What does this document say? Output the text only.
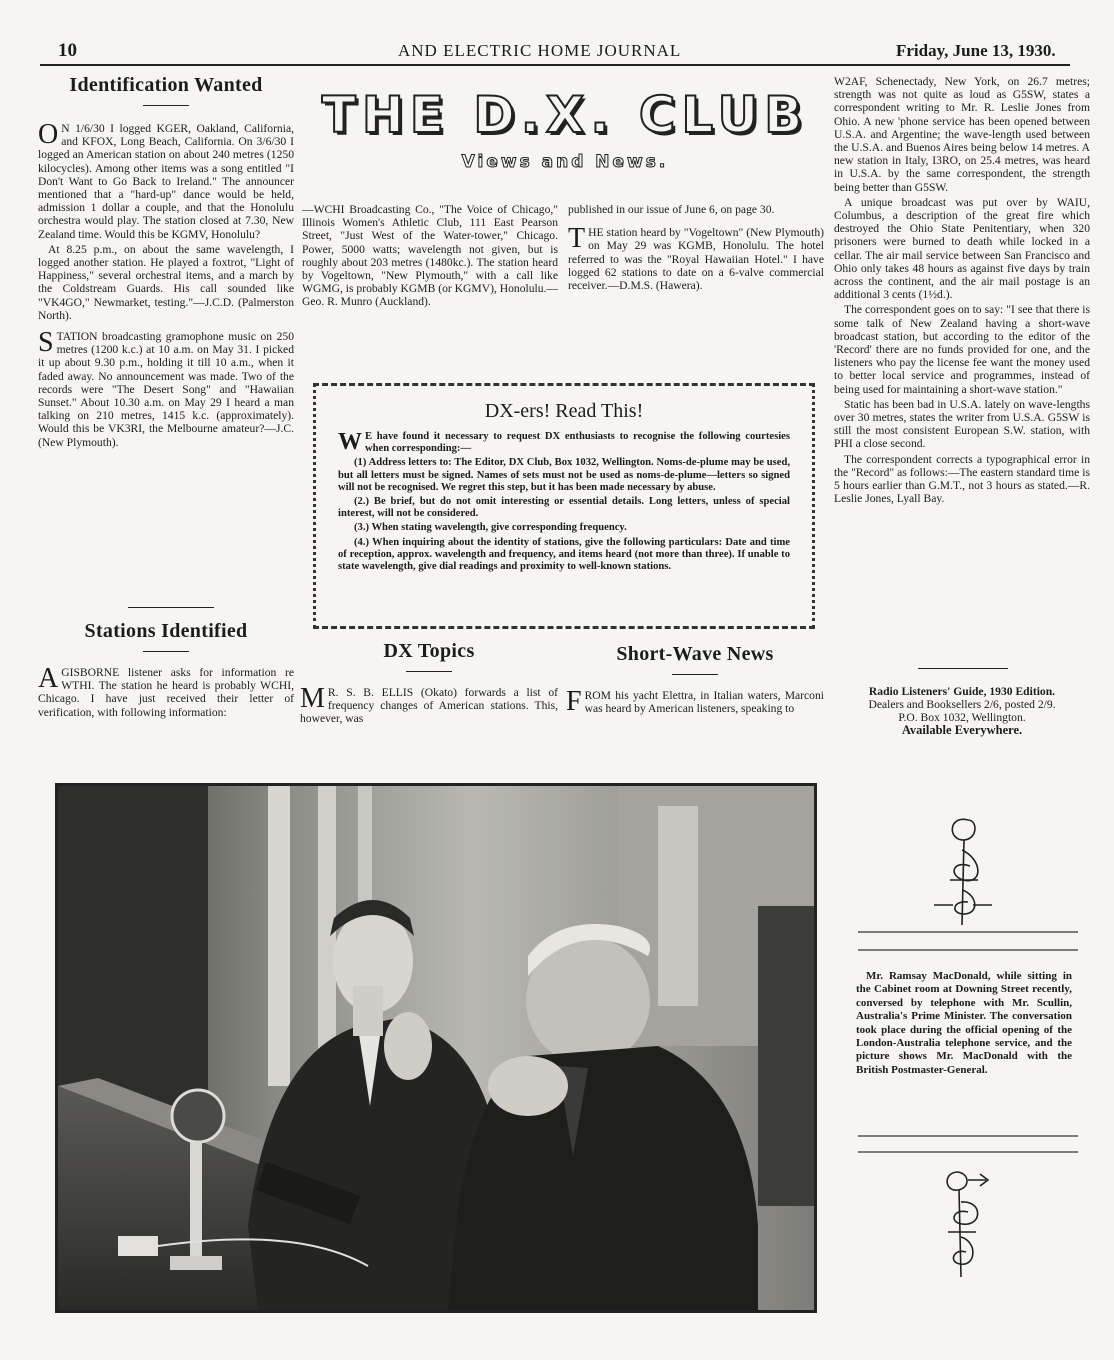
10	AND ELECTRIC HOME JOURNAL	Friday, June 13, 1930.
Identification Wanted

O N 1/6/30 I logged KGER, Oakland, California, and KFOX, Long Beach, California. On 3/6/30 I logged an American station on about 240 metres (1250 kilocycles). Among other items was a song entitled "I Don't Want to Go Back to Ireland." The announcer mentioned that a "hard-up" dance would be held, admission 1 dollar a couple, and that the Honolulu orchestra would play. The station closed at 7.30, New Zealand time. Would this be KGMV, Honolulu?

At 8.25 p.m., on about the same wavelength, I logged another station. He played a foxtrot, "Light of Happiness," several orchestral items, and a march by the Coldstream Guards. His call sounded like "VK4GO," Newmarket, testing."—J.C.D. (Palmerston North).

STATION broadcasting gramophone music on 250 metres (1200 k.c.) at 10 a.m. on May 31. I picked it up about 9.30 p.m., holding it till 10 a.m., when it faded away. No announcement was made. Two of the records were "The Desert Song" and "Hawaiian Sunset." About 10.30 a.m. on May 29 I heard a man talking on 210 metres, 1415 k.c. (approximately). Would this be VK3RI, the Melbourne amateur?—J.C. (New Plymouth).

Stations Identified

AGISBORNE listener asks for information re WTHI. The station he heard is probably WCHI, Chicago. I have just received their letter of verification, with following information:

THE D.X. CLUB
Views and News.

—WCHI Broadcasting Co., "The Voice of Chicago," Illinois Women's Athletic Club, 111 East Pearson Street, "Just West of the Water-tower," Chicago. Power, 5000 watts; wavelength not given, but is roughly about 203 metres (1480kc.). The station heard by Vogeltown, "New Plymouth," with a call like WGMG, is probably KGMB (or KGMV), Honolulu.—Geo. R. Munro (Auckland).

published in our issue of June 6, on page 30.

THE station heard by "Vogeltown" (New Plymouth) on May 29 was KGMB, Honolulu. The hotel referred to was the "Royal Hawaiian Hotel." I have logged 62 stations to date on a 6-valve commercial receiver.—D.M.S. (Hawera).

DX-ers! Read This!

W E have found it necessary to request DX enthusiasts to recognise the following courtesies when corresponding:—

(1) Address letters to: The Editor, DX Club, Box 1032, Wellington. Noms-de-plume may be used, but all letters must be signed. Names of sets must not be used as noms-de-plume—letters so signed will not be recognised. We regret this step, but it has been made necessary by abuse.

(2.) Be brief, but do not omit interesting or essential details. Long letters, unless of special interest, will not be considered.

(3.) When stating wavelength, give corresponding frequency.

(4.) When inquiring about the identity of stations, give the following particulars: Date and time of reception, approx. wavelength and frequency, and items heard (not more than three). If unable to state wavelength, give dial readings and proximity to well-known stations.

DX Topics

M R. S. B. ELLIS (Okato) forwards a list of frequency changes of American stations. This, however, was

Short-Wave News

FROM his yacht Elettra, in Italian waters, Marconi was heard by American listeners, speaking to

W2AF, Schenectady, New York, on 26.7 metres; strength was not quite as loud as G5SW, states a correspondent writing to Mr. R. Leslie Jones from Ohio. A new 'phone service has been opened between U.S.A. and Argentine; the wave-length used between the U.S.A. and Buenos Aires being below 14 metres. A new station in Italy, I3RO, on 25.4 metres, was heard in U.S.A. by the same correspondent, the strength being better than G5SW.

A unique broadcast was put over by WAIU, Columbus, a description of the great fire which destroyed the Ohio State Penitentiary, when 320 prisoners were burned to death while locked in a cellar. The air mail service between San Francisco and Ohio only takes 48 hours as against five days by train across the continent, and the air mail postage is an additional 3 cents (1½d.).

The correspondent goes on to say: "I see that there is some talk of New Zealand having a short-wave broadcast station, but according to the editor of the 'Record' there are no funds provided for one, and the listeners who pay the license fee want the money used to better local service and programmes, instead of being used for maintaining a short-wave station."

Static has been bad in U.S.A. lately on wave-lengths over 30 metres, states the writer from U.S.A. G5SW is still the most consistent European S.W. station, with PHI a close second.

The correspondent corrects a typographical error in the "Record" as follows:—The eastern standard time is 5 hours earlier than G.M.T., not 3 hours as stated.—R. Leslie Jones, Lyall Bay.

Radio Listeners' Guide, 1930 Edition.
Dealers and Booksellers 2/6, posted 2/9.
P.O. Box 1032, Wellington.
Available Everywhere.

Mr. Ramsay MacDonald, while sitting in the Cabinet room at Downing Street recently, conversed by telephone with Mr. Scullin, Australia's Prime Minister. The conversation took place during the official opening of the London-Australia telephone service, and the picture shows Mr. MacDonald with the British Postmaster-General.
